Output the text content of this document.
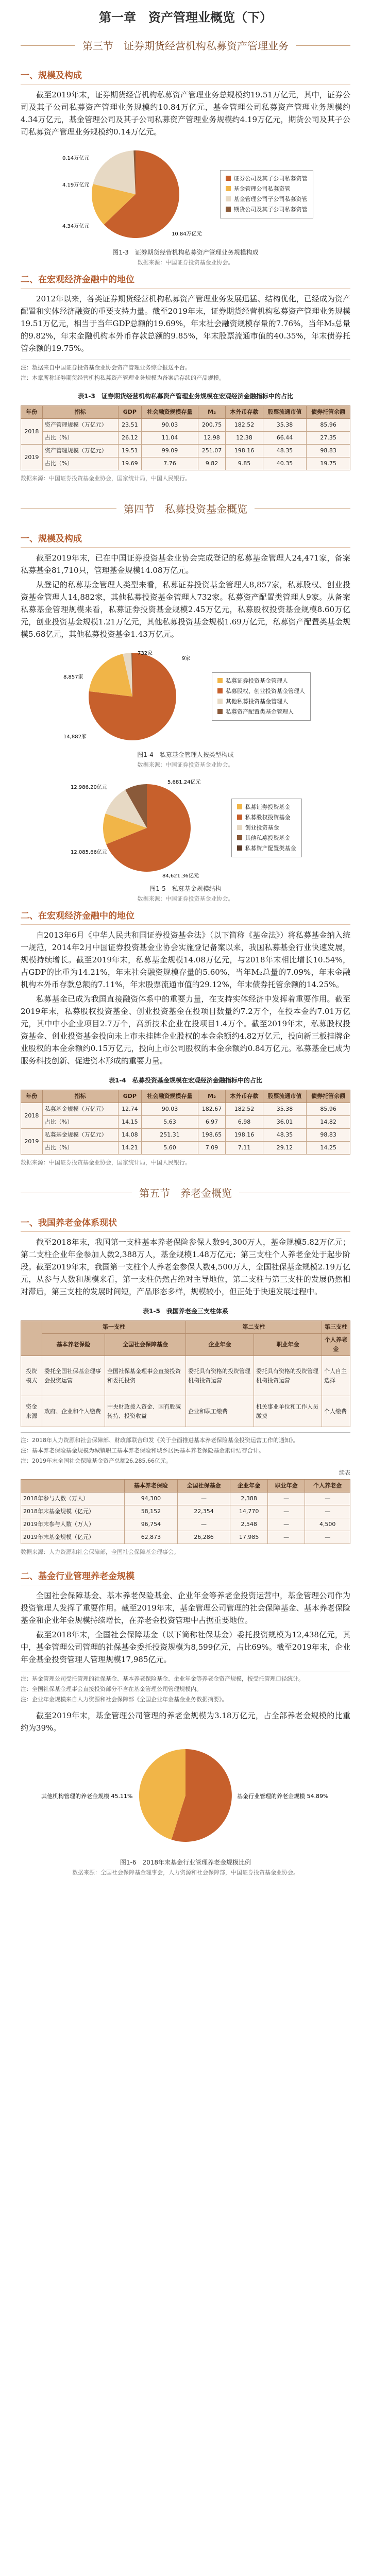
第一章　资产管理业概览（下）
第三节　证券期货经营机构私募资产管理业务
一、规模及构成

截至2019年末，证券期货经营机构私募资产管理业务总规模约19.51万亿元，其中，证券公司及其子公司私募资产管理业务规模约10.84万亿元，基金管理公司私募资产管理业务规模约4.34万亿元，基金管理公司及其子公司私募资产管理业务规模约4.19万亿元，期货公司及其子公司私募资产管理业务规模约0.14万亿元。

0.14万亿元
4.19万亿元
4.34万亿元
10.84万亿元
证券公司及其子公司私募资管
基金管理公司私募资管
基金管理公司子公司私募资管
期货公司及其子公司私募资管
图1-3　证券期货经营机构私募资产管理业务规模构成
数据来源：中国证券投资基金业协会。
二、在宏观经济金融中的地位

2012年以来，各类证券期货经营机构私募资产管理业务发展迅猛、结构优化，已经成为资产配置和实体经济融资的重要支持力量。截至2019年末，证券期货经营机构私募资产管理业务规模19.51万亿元，相当于当年GDP总额的19.69%，年末社会融资规模存量的7.76%，当年M₂总量的9.82%，年末金融机构本外币存款总额的9.85%，年末股票流通市值的40.35%，年末债券托管余额的19.75%。

注：数据来自中国证券投资基金业协会资产管理业务综合报送平台。
注：本章所称证券期货经营机构私募资产管理业务规模为备案后存续的产品规模。
表1-3　证券期货经营机构私募资产管理业务规模在宏观经济金融指标中的占比
年份	指标	GDP	社会融资规模存量	M₂	本外币存款	股票流通市值	债券托管余额
2018	资产管理规模（万亿元）	23.51	90.03	200.75	182.52	35.38	85.96
	占比（%）	26.12	11.04	12.98	12.38	66.44	27.35
2019	资产管理规模（万亿元）	19.51	99.09	251.07	198.16	48.35	98.83
	占比（%）	19.69	7.76	9.82	9.85	40.35	19.75
数据来源：中国证券投资基金业协会，国家统计局，中国人民银行。
第四节　私募投资基金概览
一、规模及构成

截至2019年末，已在中国证券投资基金业协会完成登记的私募基金管理人24,471家，备案私募基金81,710只，管理基金规模14.08万亿元。

从登记的私募基金管理人类型来看，私募证券投资基金管理人8,857家，私募股权、创业投资基金管理人14,882家，其他私募投资基金管理人732家。私募资产配置类管理人9家。从备案私募基金管理规模来看，私募证券投资基金规模2.45万亿元，私募股权投资基金规模8.60万亿元，创业投资基金规模1.21万亿元，其他私募投资基金规模1.69万亿元，私募资产配置类基金规模5.68亿元，其他私募投资基金1.43万亿元。

8,857家
14,882家
732家
9家
私募证券投资基金管理人
私募股权、创业投资基金管理人
其他私募投资基金管理人
私募资产配置类基金管理人
图1-4　私募基金管理人按类型构成
数据来源：中国证券投资基金业协会。
12,986.20亿元
84,621.36亿元
12,085.66亿元
5,681.24亿元
私募证券投资基金
私募股权投资基金
创业投资基金
其他私募投资基金
私募资产配置类基金
图1-5　私募基金规模结构
数据来源：中国证券投资基金业协会。
二、在宏观经济金融中的地位

自2013年6月《中华人民共和国证券投资基金法》（以下简称《基金法》）将私募基金纳入统一规范，2014年2月中国证券投资基金业协会实施登记备案以来，我国私募基金行业快速发展，规模持续增长。截至2019年末，私募基金规模14.08万亿元，与2018年末相比增长10.54%，占GDP的比重为14.21%，年末社会融资规模存量的5.60%，当年M₂总量的7.09%，年末金融机构本外币存款总额的7.11%，年末股票流通市值的29.12%，年末债券托管余额的14.25%。

私募基金已成为我国直接融资体系中的重要力量，在支持实体经济中发挥着重要作用。截至2019年末，私募股权投资基金、创业投资基金在投项目数量约7.2万个，在投本金约7.01万亿元，其中中小企业项目2.7万个，高新技术企业在投项目1.4万个。截至2019年末，私募股权投资基金、创业投资基金投向未上市未挂牌企业股权的本金余额约4.82万亿元，投向新三板挂牌企业股权的本金余额约0.15万亿元，投向上市公司股权的本金余额约0.84万亿元。私募基金已成为服务科技创新、促进资本形成的重要力量。

表1-4　私募投资基金规模在宏观经济金融指标中的占比
年份	指标	GDP	社会融资规模存量	M₂	本外币存款	股票流通市值	债券托管余额
2018	私募基金规模（万亿元）	12.74	90.03	182.67	182.52	35.38	85.96
	占比（%）	14.15	5.63	6.97	6.98	36.01	14.82
2019	私募基金规模（万亿元）	14.08	251.31	198.65	198.16	48.35	98.83
	占比（%）	14.21	5.60	7.09	7.11	29.12	14.25
数据来源：中国证券投资基金业协会，国家统计局，中国人民银行。
第五节　养老金概览
一、我国养老金体系现状

截至2018年末，我国第一支柱基本养老保险参保人数94,300万人，基金规模5.82万亿元；第二支柱企业年金参加人数2,388万人，基金规模1.48万亿元；第三支柱个人养老金处于起步阶段。截至2019年末，我国第一支柱个人养老金参保人数4,500万人，全国社保基金规模2.19万亿元，从参与人数和规模来看，第一支柱仍然占绝对主导地位，第二支柱与第三支柱的发展仍然相对滞后，第三支柱的发展时间短，产品形态多样，规模较小，但正处于快速发展过程中。

表1-5　我国养老金三支柱体系
	第一支柱		第二支柱		第三支柱
	基本养老保险	全国社会保障基金	企业年金	职业年金	个人养老金
投资模式	委托全国社保基金理事会投资运营	全国社保基金理事会直接投资和委托投资	委托具有资格的投资管理机构投资运营	委托具有资格的投资管理机构投资运营	个人自主选择
资金来源	政府、企业和个人缴费	中央财政拨入资金、国有股减转持、投资收益	企业和职工缴费	机关事业单位和工作人员缴费	个人缴费
注：2018年人力资源和社会保障部、财政部联合印发《关于全面推进基本养老保险基金投资运营工作的通知》。
注：基本养老保险基金规模为城镇职工基本养老保险和城乡居民基本养老保险基金累计结存合计。
注：2019年末全国社会保障基金资产总额26,285.66亿元。
续表
	基本养老保险	全国社保基金	企业年金	职业年金	个人养老金
2018年参与人数（万人）	94,300	—	2,388	—	—
2018年末基金规模（亿元）	58,152	22,354	14,770	—	—
2019年末参与人数（万人）	96,754	—	2,548	—	4,500
2019年末基金规模（亿元）	62,873	26,286	17,985	—	—
数据来源：人力资源和社会保障部，全国社会保障基金理事会。
二、基金行业管理养老金规模

全国社会保障基金、基本养老保险基金、企业年金等养老金投资运营中，基金管理公司作为投资管理人发挥了重要作用。截至2019年末，基金管理公司管理的社会保障基金、基本养老保险基金和企业年金规模持续增长，在养老金投资管理中占据重要地位。

截至2018年末，全国社会保障基金（以下简称社保基金）委托投资规模为12,438亿元，其中，基金管理公司管理的社保基金委托投资规模为8,599亿元，占比69%。截至2019年末，企业年金基金投资管理人管理规模17,985亿元。

注：基金管理公司受托管理的社保基金、基本养老保险基金、企业年金等养老金资产规模，按受托管理口径统计。
注：全国社保基金理事会直接投资部分不含在基金管理公司管理规模内。
注：企业年金规模来自人力资源和社会保障部《全国企业年金基金业务数据摘要》。

截至2019年末，基金管理公司管理的养老金规模为3.18万亿元，占全部养老金规模的比重约为39%。

其他机构管理的养老金规模 45.11%	基金行业管理的养老金规模 54.89%
图1-6　2018年末基金行业管理养老金规模比例
数据来源：全国社会保障基金理事会，人力资源和社会保障部，中国证券投资基金业协会。
